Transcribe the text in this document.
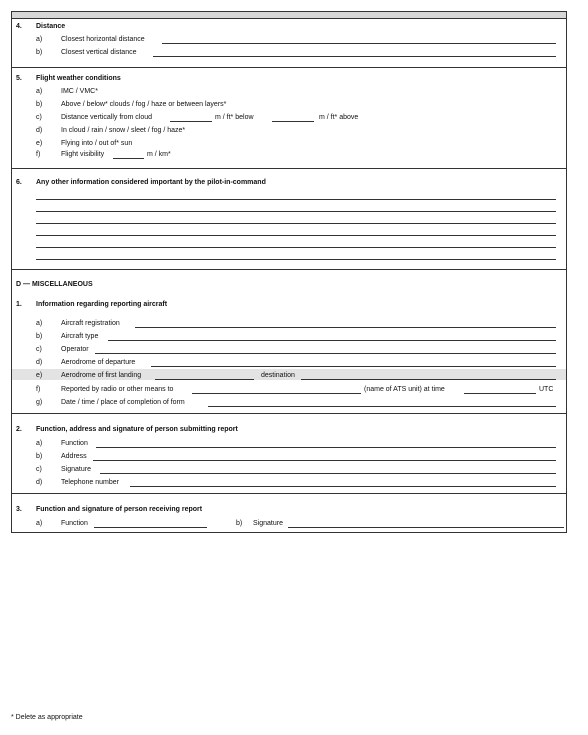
4. Distance
a)	Closest horizontal distance
b)	Closest vertical distance
5. Flight weather conditions
a)	IMC / VMC*
b)	Above / below* clouds / fog / haze or between layers*
c)	Distance vertically from cloud	m / ft* below	m / ft* above
d)	In cloud / rain / snow / sleet / fog / haze*
e)	Flying into / out of* sun
f)	Flight visibility	m / km*
6. Any other information considered important by the pilot-in-command
D — MISCELLANEOUS
1. Information regarding reporting aircraft
a)	Aircraft registration
b)	Aircraft type
c)	Operator
d)	Aerodrome of departure
e)	Aerodrome of first landing	destination
f)	Reported by radio or other means to	(name of ATS unit) at time	UTC
g)	Date / time / place of completion of form
2. Function, address and signature of person submitting report
a)	Function
b)	Address
c)	Signature
d)	Telephone number
3. Function and signature of person receiving report
a)	Function	b) Signature
* Delete as appropriate
